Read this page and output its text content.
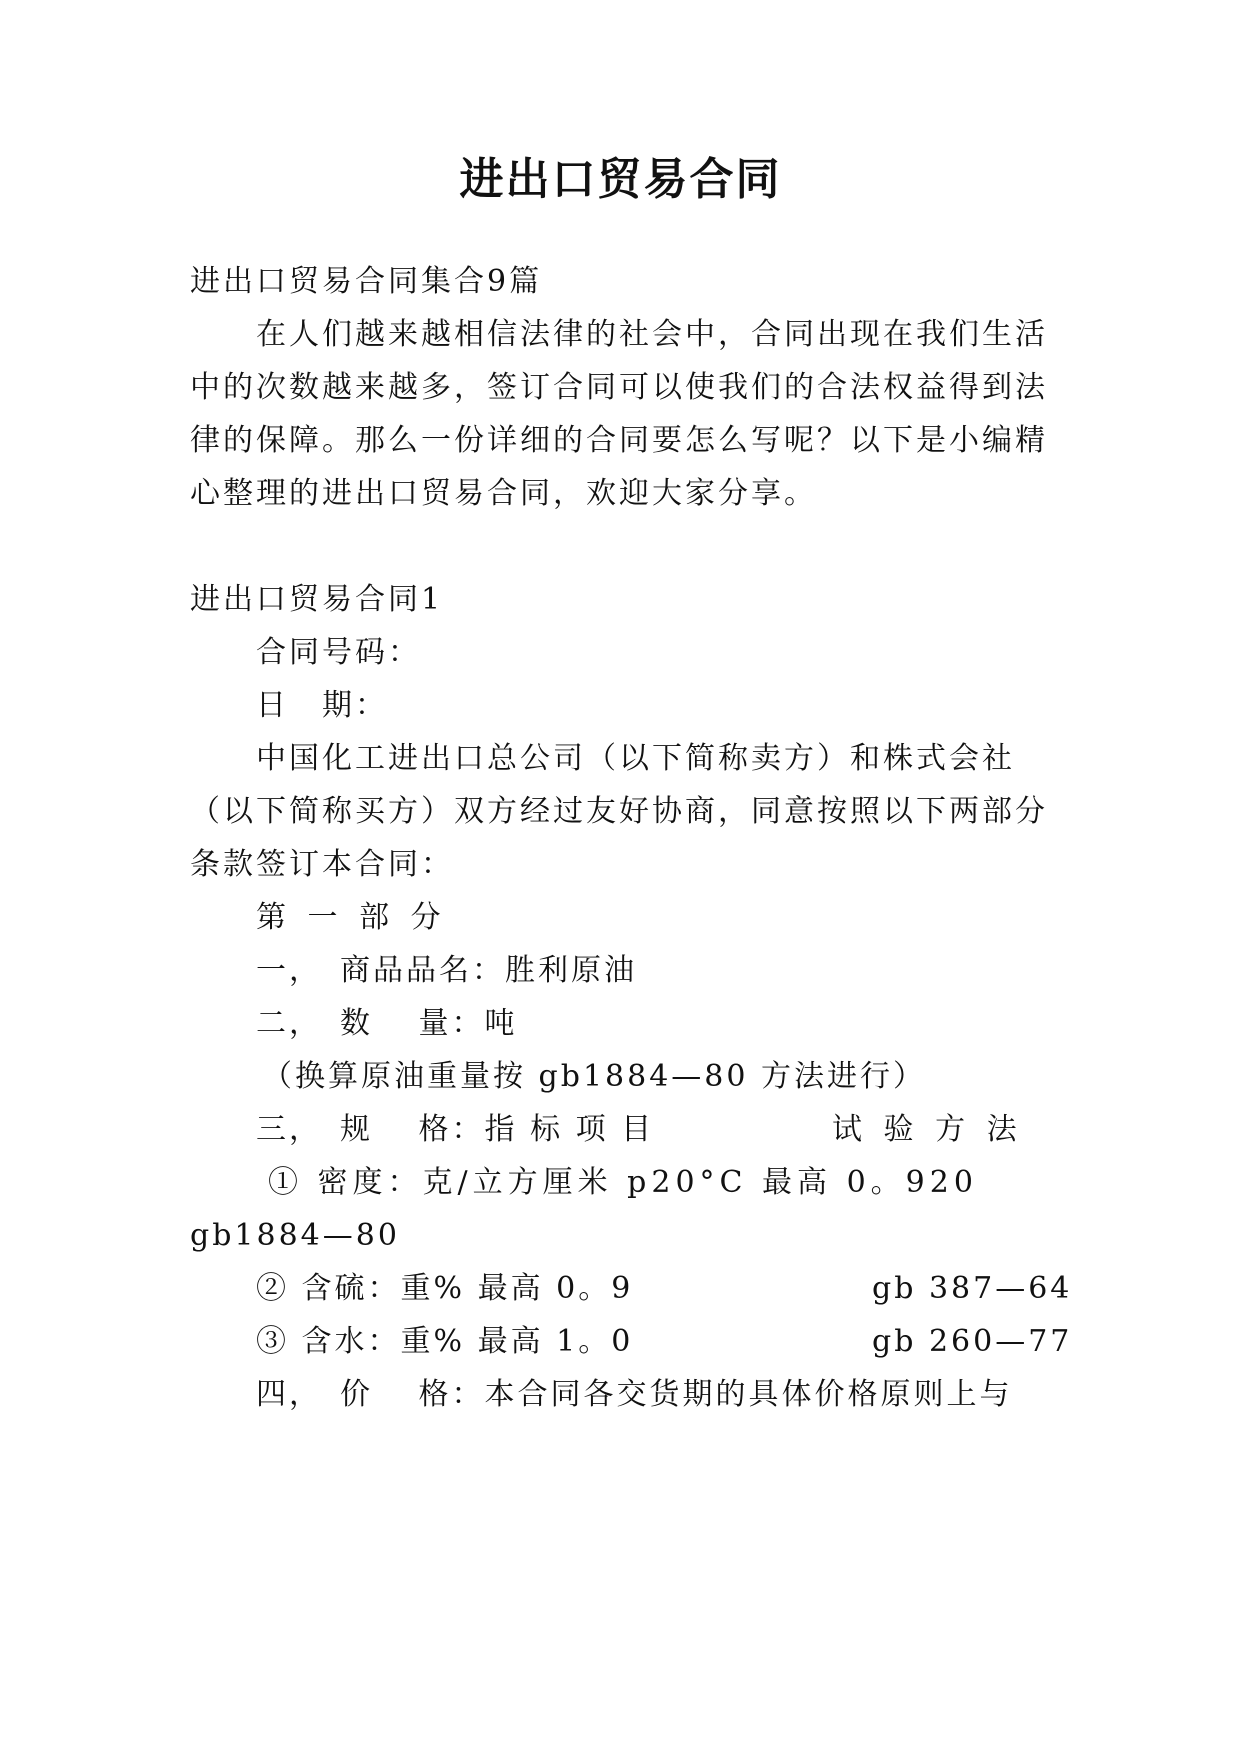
进出口贸易合同
进出口贸易合同集合9篇
在人们越来越相信法律的社会中，合同出现在我们生活
中的次数越来越多，签订合同可以使我们的合法权益得到法
律的保障。那么一份详细的合同要怎么写呢？以下是小编精
心整理的进出口贸易合同，欢迎大家分享。
进出口贸易合同1
合同号码：
日　期：
中国化工进出口总公司（以下简称卖方）和株式会社
（以下简称买方）双方经过友好协商，同意按照以下两部分
条款签订本合同：
第 一 部 分
一，　商品品名：胜利原油
二，　数　 量：吨
（换算原油重量按 gb1884—80 方法进行）
三，　规　 格：指 标 项 目	试 验 方 法
① 密度：克/立方厘米 p20°C 最高 0。920
gb1884—80
② 含硫：重% 最高 0。9	gb 387—64
③ 含水：重% 最高 1。0	gb 260—77
四，　价　 格：本合同各交货期的具体价格原则上与
